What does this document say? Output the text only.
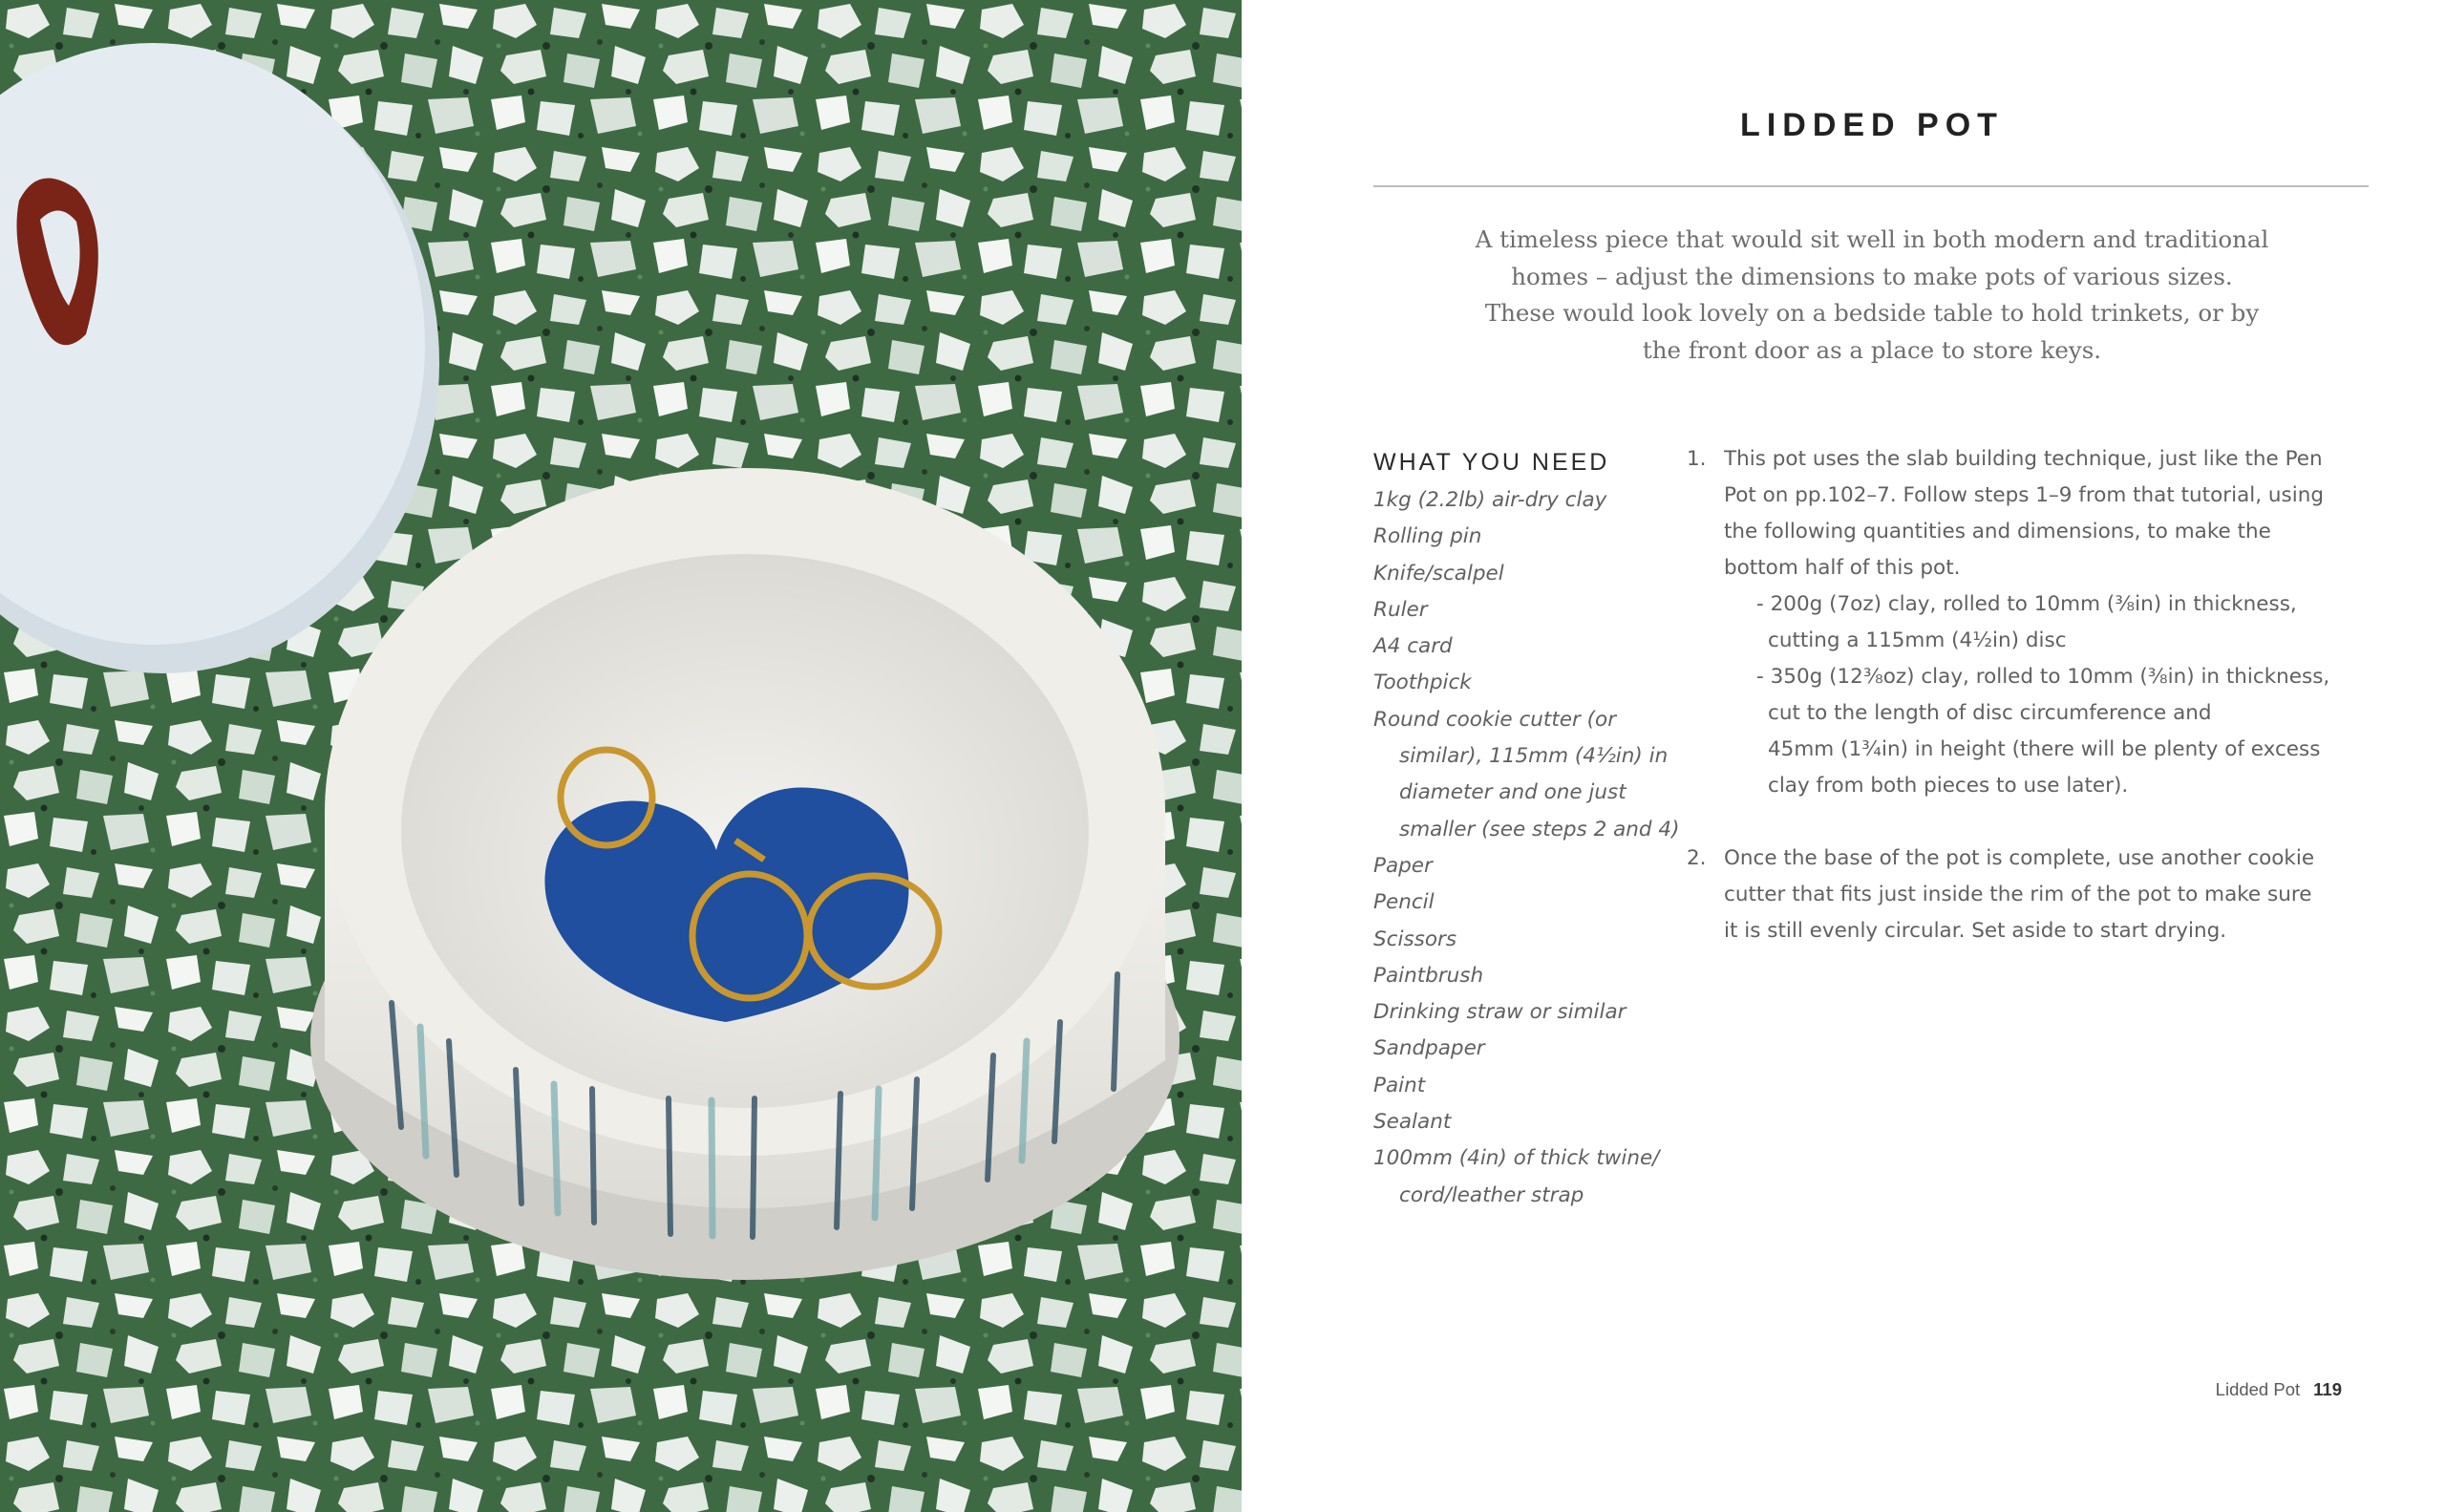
LIDDED POT
A timeless piece that would sit well in both modern and traditional
homes – adjust the dimensions to make pots of various sizes.
These would look lovely on a bedside table to hold trinkets, or by
the front door as a place to store keys.
WHAT YOU NEED
1kg (2.2lb) air-dry clay
Rolling pin
Knife/scalpel
Ruler
A4 card
Toothpick
Round cookie cutter (or
similar), 115mm (4½in) in
diameter and one just
smaller (see steps 2 and 4)
Paper
Pencil
Scissors
Paintbrush
Drinking straw or similar
Sandpaper
Paint
Sealant
100mm (4in) of thick twine/
cord/leather strap
1. This pot uses the slab building technique, just like the Pen
Pot on pp.102–7. Follow steps 1–9 from that tutorial, using
the following quantities and dimensions, to make the
bottom half of this pot.
- 200g (7oz) clay, rolled to 10mm (⅜in) in thickness,
cutting a 115mm (4½in) disc
- 350g (12⅜oz) clay, rolled to 10mm (⅜in) in thickness,
cut to the length of disc circumference and
45mm (1¾in) in height (there will be plenty of excess
clay from both pieces to use later).
2. Once the base of the pot is complete, use another cookie
cutter that fits just inside the rim of the pot to make sure
it is still evenly circular. Set aside to start drying.
Lidded Pot 119
